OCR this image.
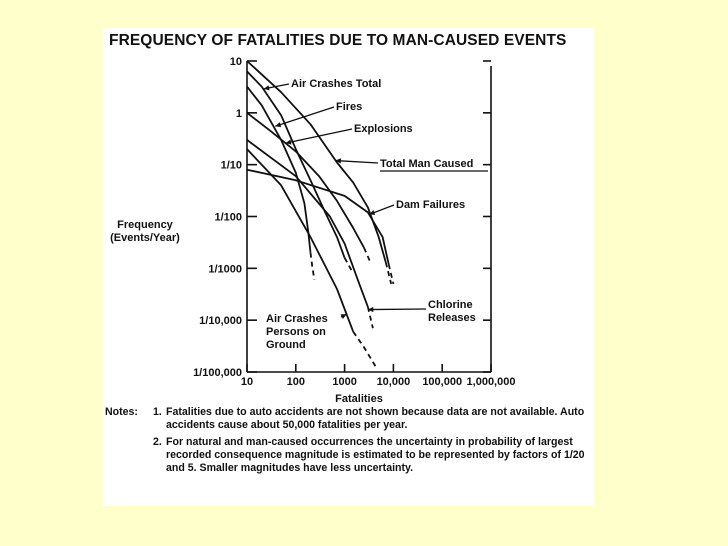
FREQUENCY OF FATALITIES DUE TO MAN-CAUSED EVENTS
10
1
1/10
1/100
1/1000
1/10,000
1/100,000
10	100 1000 10,000 100,000 1,000,000
Fatalities
Frequency
(Events/Year)
Air Crashes Total
Fires
Explosions
Total Man Caused
Dam Failures
Chlorine
Releases
Air Crashes
Persons on
Ground
Notes:	1. Fatalities due to auto accidents are not shown because data are not available. Auto accidents cause about 50,000 fatalities per year.
2. For natural and man-caused occurrences the uncertainty in probability of largest recorded consequence magnitude is estimated to be represented by factors of 1/20 and 5. Smaller magnitudes have less uncertainty.
